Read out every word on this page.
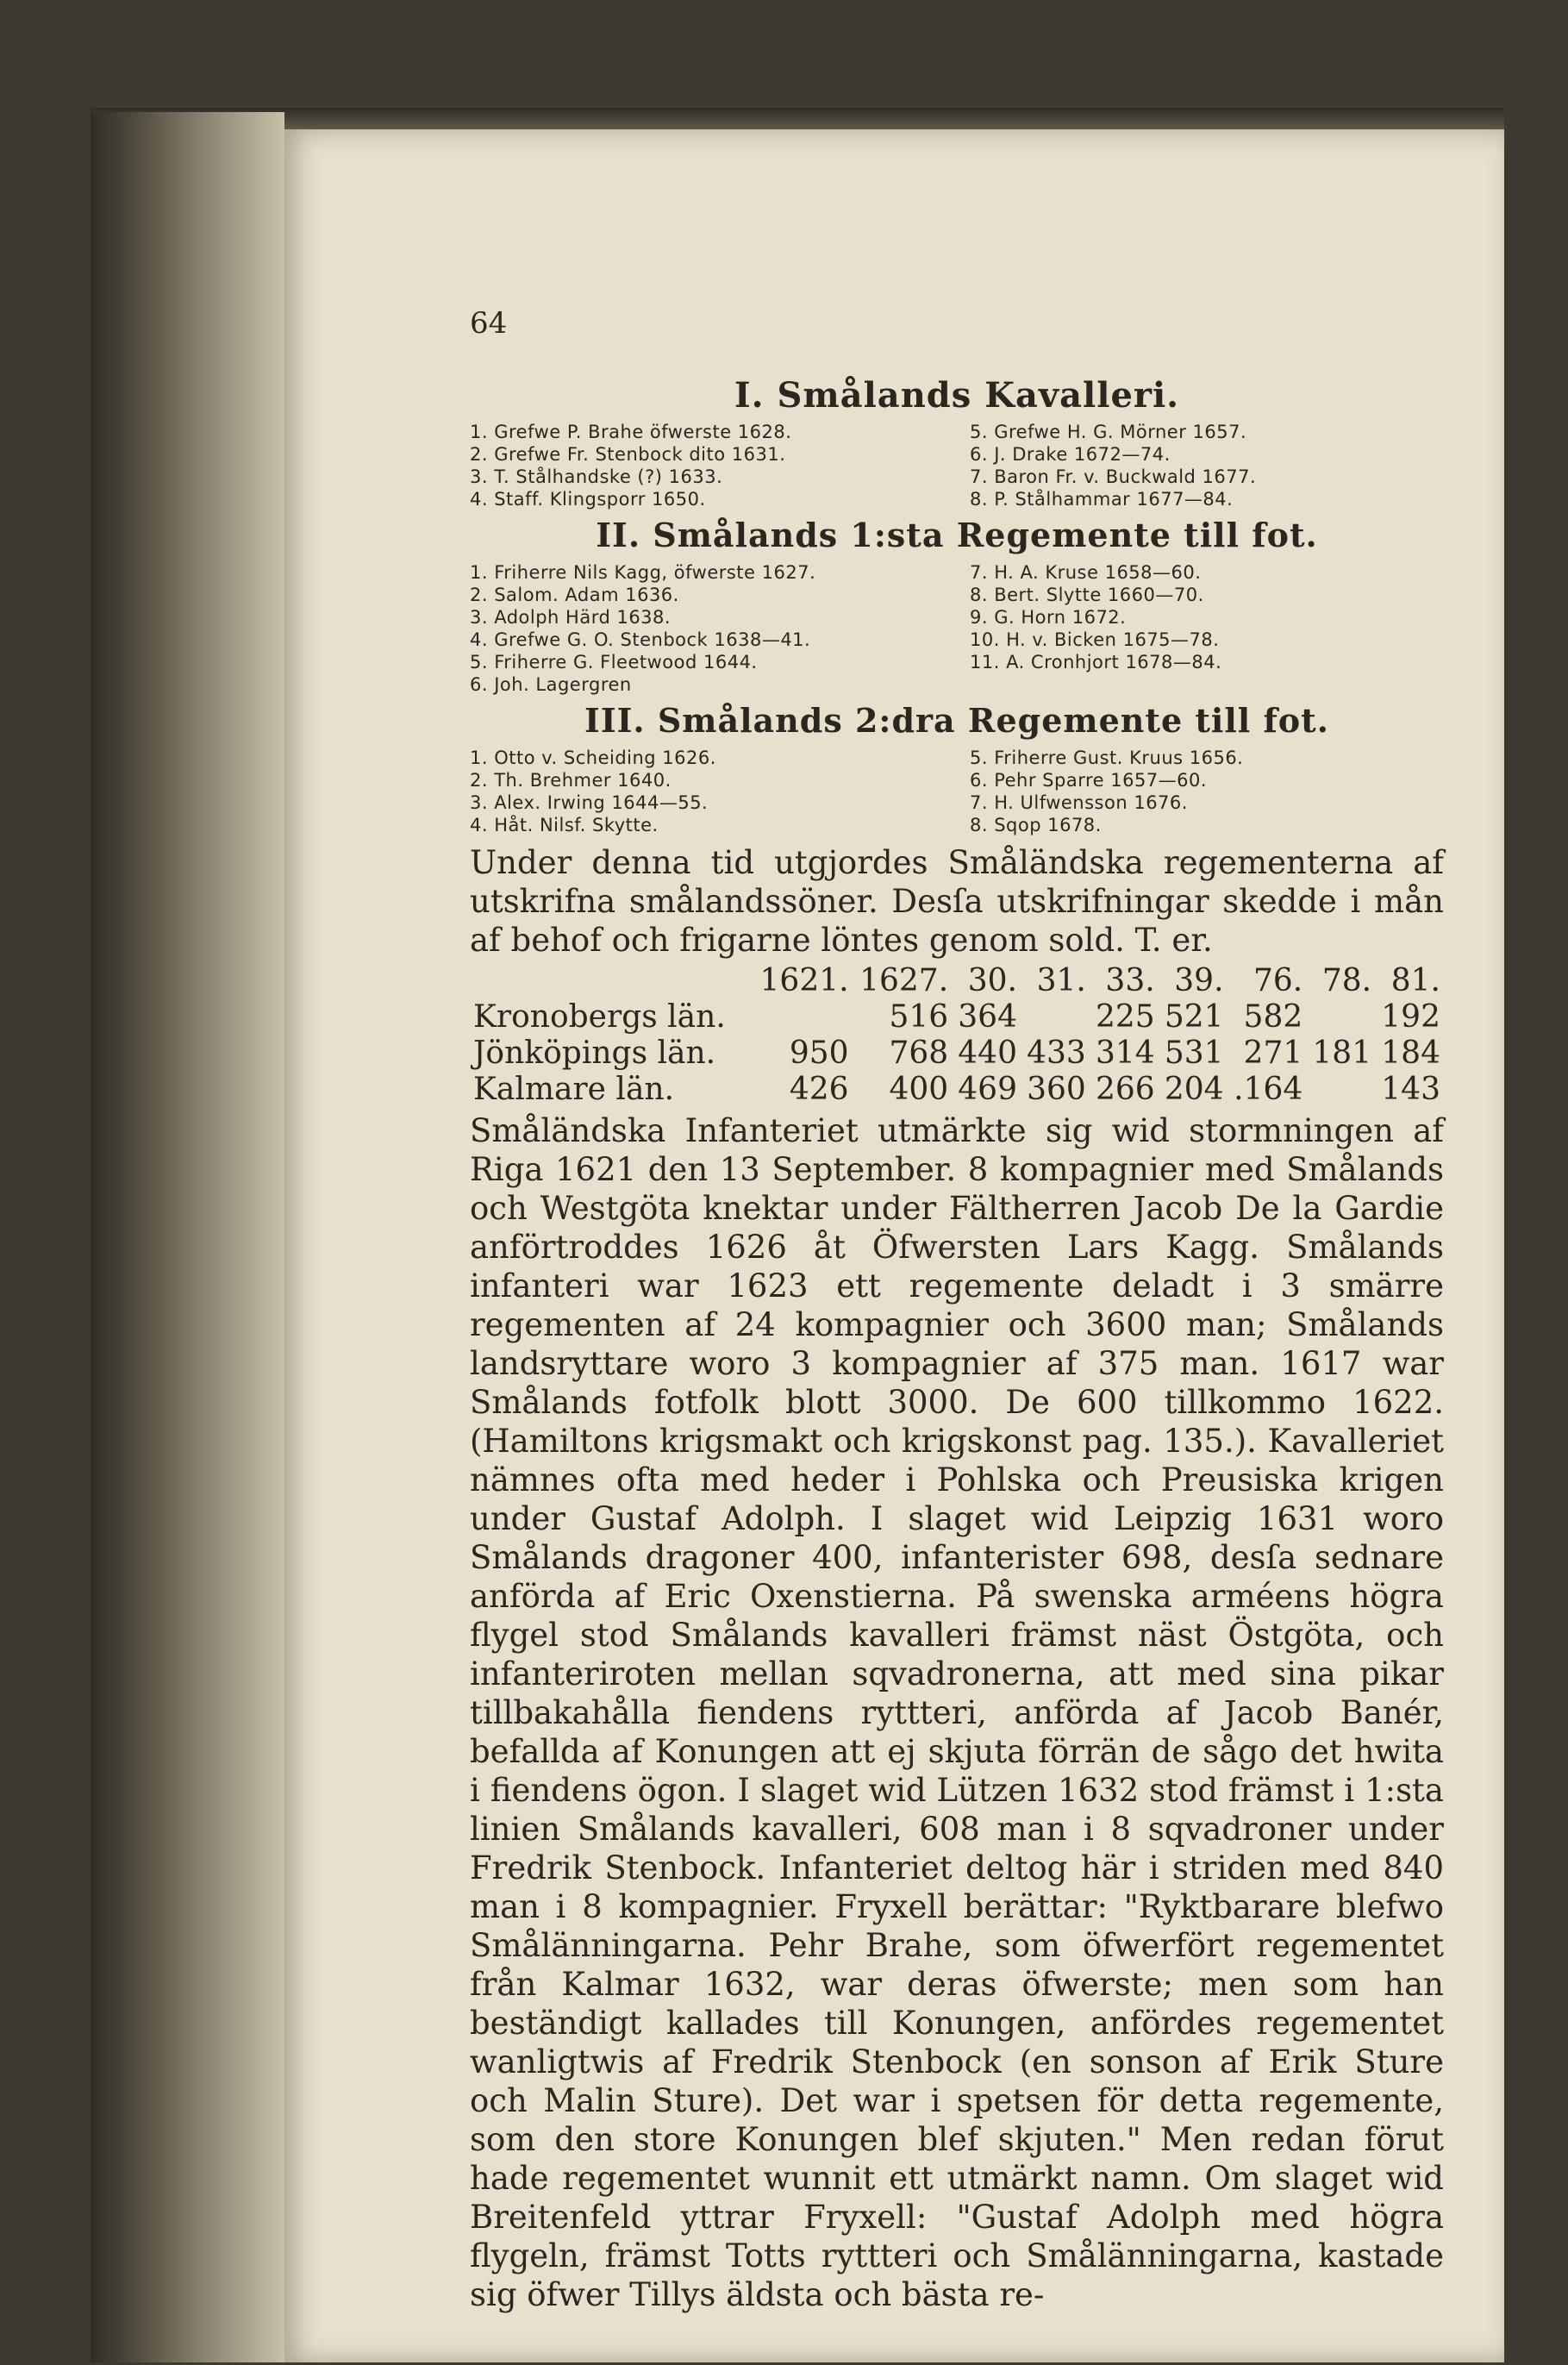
64
I. Smålands Kavalleri.
1. Grefwe P. Brahe öfwerste 1628.
2. Grefwe Fr. Stenbock dito 1631.
3. T. Stålhandske (?) 1633.
4. Staff. Klingsporr 1650.
5. Grefwe H. G. Mörner 1657.
6. J. Drake 1672—74.
7. Baron Fr. v. Buckwald 1677.
8. P. Stålhammar 1677—84.
II. Smålands 1:sta Regemente till fot.
1. Friherre Nils Kagg, öfwerste 1627.
2. Salom. Adam 1636.
3. Adolph Härd 1638.
4. Grefwe G. O. Stenbock 1638—41.
5. Friherre G. Fleetwood 1644.
6. Joh. Lagergren
7. H. A. Kruse 1658—60.
8. Bert. Slytte 1660—70.
9. G. Horn 1672.
10. H. v. Bicken 1675—78.
11. A. Cronhjort 1678—84.
III. Smålands 2:dra Regemente till fot.
1. Otto v. Scheiding 1626.
2. Th. Brehmer 1640.
3. Alex. Irwing 1644—55.
4. Håt. Nilsf. Skytte.
5. Friherre Gust. Kruus 1656.
6. Pehr Sparre 1657—60.
7. H. Ulfwensson 1676.
8. Sqop 1678.

Under denna tid utgjordes Småländska regementerna af utskrifna smålandssöner. Desſa utskrifningar skedde i mån af behof och frigarne löntes genom sold. T. er.

	1621.	1627.	30.	31.	33.	39.	76.	78.	81.
Kronobergs län.		516	364		225	521	582		192
Jönköpings län.	950	768	440	433	314	531	271	181	184
Kalmare län.	426	400	469	360	266	204	.164		143

Småländska Infanteriet utmärkte sig wid stormningen af Riga 1621 den 13 September. 8 kompagnier med Smålands och Westgöta knektar under Fältherren Jacob De la Gardie anförtroddes 1626 åt Öfwersten Lars Kagg. Smålands infanteri war 1623 ett regemente deladt i 3 smärre regementen af 24 kompagnier och 3600 man; Smålands landsryttare woro 3 kompagnier af 375 man. 1617 war Smålands fotfolk blott 3000. De 600 tillkommo 1622. (Hamiltons krigsmakt och krigskonst pag. 135.). Kavalleriet nämnes ofta med heder i Pohlska och Preusiska krigen under Gustaf Adolph. I slaget wid Leipzig 1631 woro Smålands dragoner 400, infanterister 698, desſa sednare anförda af Eric Oxenstierna. På swenska arméens högra flygel stod Smålands kavalleri främst näst Östgöta, och infanteriroten mellan sqvadronerna, att med sina pikar tillbakahålla fiendens ryttteri, anförda af Jacob Banér, befallda af Konungen att ej skjuta förrän de sågo det hwita i fiendens ögon. I slaget wid Lützen 1632 stod främst i 1:sta linien Smålands kavalleri, 608 man i 8 sqvadroner under Fredrik Stenbock. Infanteriet deltog här i striden med 840 man i 8 kompagnier. Fryxell berättar: "Ryktbarare blefwo Smålänningarna. Pehr Brahe, som öfwerfört regementet från Kalmar 1632, war deras öfwerste; men som han beständigt kallades till Konungen, anfördes regementet wanligtwis af Fredrik Stenbock (en sonson af Erik Sture och Malin Sture). Det war i spetsen för detta regemente, som den store Konungen blef skjuten." Men redan förut hade regementet wunnit ett utmärkt namn. Om slaget wid Breitenfeld yttrar Fryxell: "Gustaf Adolph med högra flygeln, främst Totts ryttteri och Smålänningarna, kastade sig öfwer Tillys äldsta och bästa re-
